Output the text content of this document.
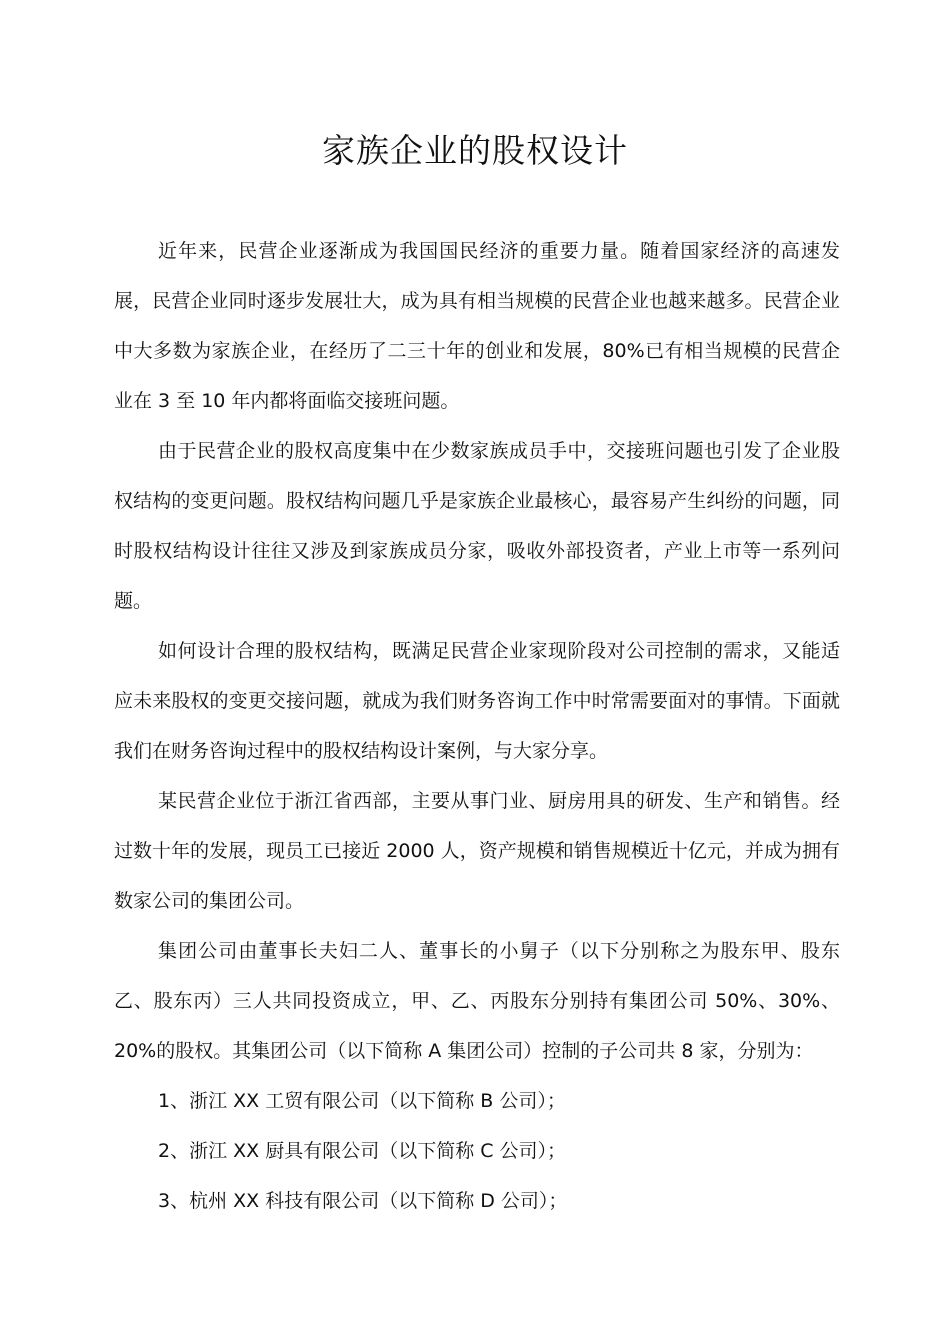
家族企业的股权设计

近年来，民营企业逐渐成为我国国民经济的重要力量。随着国家经济的高速发展，民营企业同时逐步发展壮大，成为具有相当规模的民营企业也越来越多。民营企业中大多数为家族企业，在经历了二三十年的创业和发展，80%已有相当规模的民营企业在 3 至 10 年内都将面临交接班问题。

由于民营企业的股权高度集中在少数家族成员手中，交接班问题也引发了企业股权结构的变更问题。股权结构问题几乎是家族企业最核心，最容易产生纠纷的问题，同时股权结构设计往往又涉及到家族成员分家，吸收外部投资者，产业上市等一系列问题。

如何设计合理的股权结构，既满足民营企业家现阶段对公司控制的需求，又能适应未来股权的变更交接问题，就成为我们财务咨询工作中时常需要面对的事情。下面就我们在财务咨询过程中的股权结构设计案例，与大家分享。

某民营企业位于浙江省西部，主要从事门业、厨房用具的研发、生产和销售。经过数十年的发展，现员工已接近 2000 人，资产规模和销售规模近十亿元，并成为拥有数家公司的集团公司。

集团公司由董事长夫妇二人、董事长的小舅子（以下分别称之为股东甲、股东乙、股东丙）三人共同投资成立，甲、乙、丙股东分别持有集团公司 50%、30%、20%的股权。其集团公司（以下简称 A 集团公司）控制的子公司共 8 家，分别为：

1、浙江 XX 工贸有限公司（以下简称 B 公司）；

2、浙江 XX 厨具有限公司（以下简称 C 公司）；

3、杭州 XX 科技有限公司（以下简称 D 公司）；
